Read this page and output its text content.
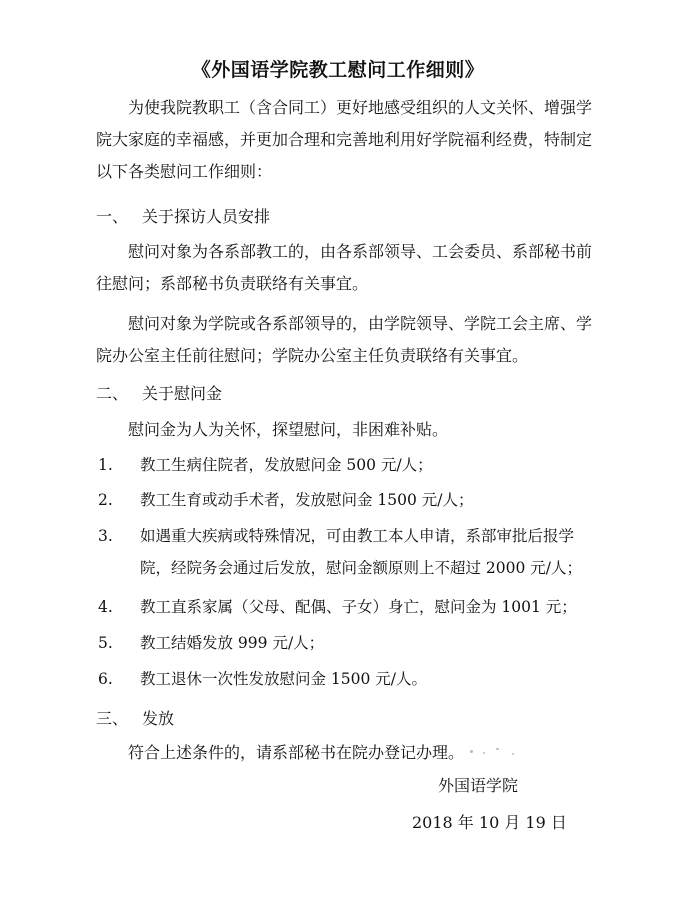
《外国语学院教工慰问工作细则》

为使我院教职工（含合同工）更好地感受组织的人文关怀、增强学院大家庭的幸福感，并更加合理和完善地利用好学院福利经费，特制定以下各类慰问工作细则：

一、 关于探访人员安排

慰问对象为各系部教工的，由各系部领导、工会委员、系部秘书前往慰问；系部秘书负责联络有关事宜。

慰问对象为学院或各系部领导的，由学院领导、学院工会主席、学院办公室主任前往慰问；学院办公室主任负责联络有关事宜。

二、 关于慰问金

慰问金为人为关怀，探望慰问，非困难补贴。

1. 教工生病住院者，发放慰问金 500 元/人；
2. 教工生育或动手术者，发放慰问金 1500 元/人；
3. 如遇重大疾病或特殊情况，可由教工本人申请，系部审批后报学院，经院务会通过后发放，慰问金额原则上不超过 2000 元/人；
4. 教工直系家属（父母、配偶、子女）身亡，慰问金为 1001 元；
5. 教工结婚发放 999 元/人；
6. 教工退休一次性发放慰问金 1500 元/人。
三、 发放

符合上述条件的，请系部秘书在院办登记办理。

外国语学院
2018 年 10 月 19 日
